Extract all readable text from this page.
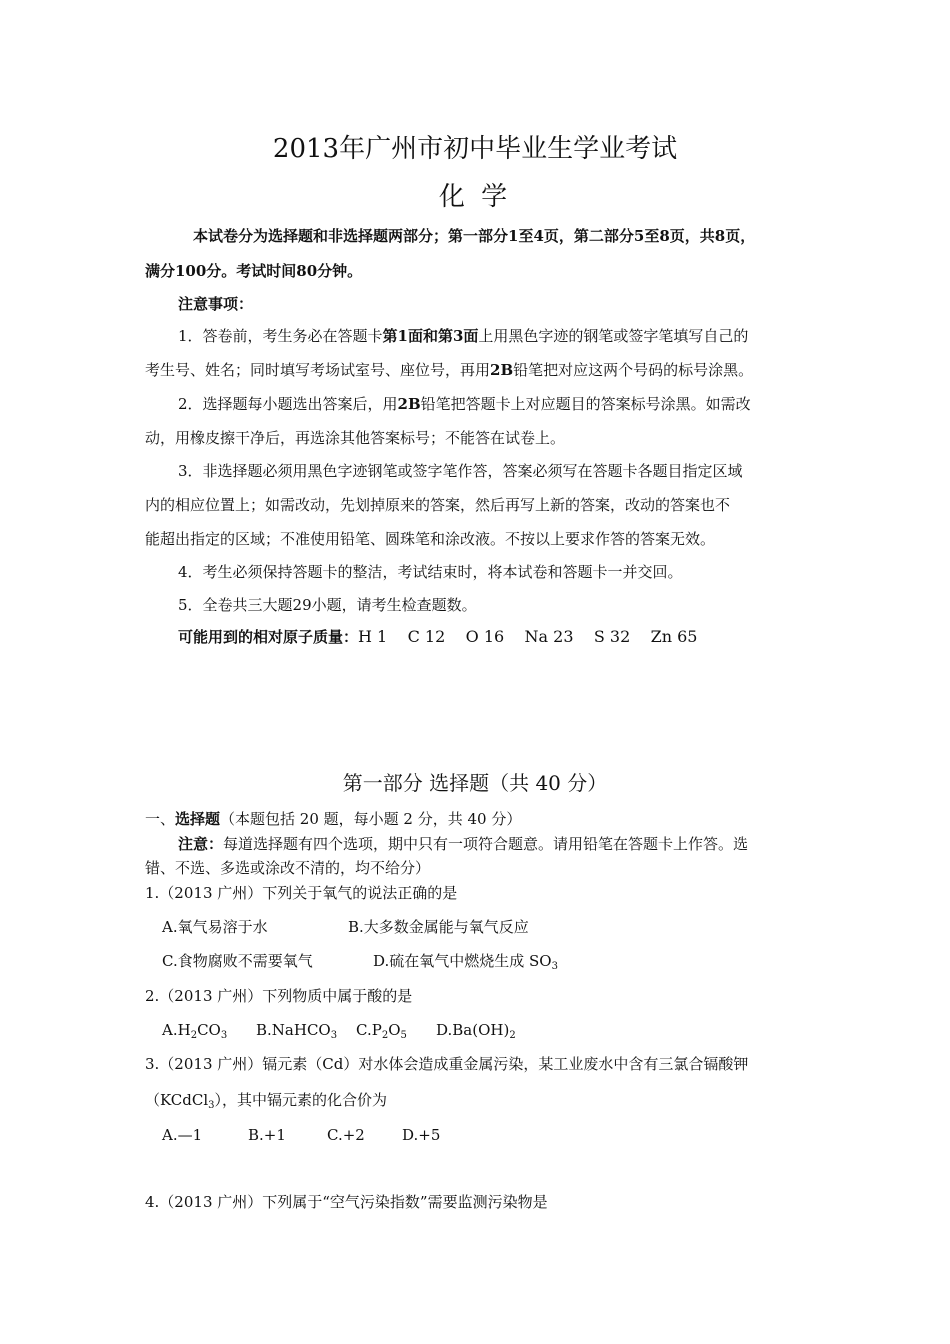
2013年广州市初中毕业生学业考试
化 学
本试卷分为选择题和非选择题两部分；第一部分1至4页，第二部分5至8页，共8页，
满分100分。考试时间80分钟。
注意事项：
1．答卷前，考生务必在答题卡第1面和第3面上用黑色字迹的钢笔或签字笔填写自己的
考生号、姓名；同时填写考场试室号、座位号，再用2B铅笔把对应这两个号码的标号涂黑。
2．选择题每小题选出答案后，用2B铅笔把答题卡上对应题目的答案标号涂黑。如需改
动，用橡皮擦干净后，再选涂其他答案标号；不能答在试卷上。
3．非选择题必须用黑色字迹钢笔或签字笔作答，答案必须写在答题卡各题目指定区域
内的相应位置上；如需改动，先划掉原来的答案，然后再写上新的答案，改动的答案也不
能超出指定的区域；不准使用铅笔、圆珠笔和涂改液。不按以上要求作答的答案无效。
4．考生必须保持答题卡的整洁，考试结束时，将本试卷和答题卡一并交回。
5．全卷共三大题29小题，请考生检查题数。
可能用到的相对原子质量：H 1    C 12    O 16    Na 23    S 32    Zn 65
第一部分 选择题（共 40 分）
一、选择题（本题包括 20 题，每小题 2 分，共 40 分）
注意：每道选择题有四个选项，期中只有一项符合题意。请用铅笔在答题卡上作答。选
错、不选、多选或涂改不清的，均不给分）
1.（2013 广州）下列关于氧气的说法正确的是
A.氧气易溶于水	B.大多数金属能与氧气反应
C.食物腐败不需要氧气	D.硫在氧气中燃烧生成 $SO_3$
2.（2013 广州）下列物质中属于酸的是
$A.H_2CO_3$ B.NaHCO$_3$ $C.P_2O_5$ $D.Ba(OH)_2$
3.（2013 广州）镉元素（Cd）对水体会造成重金属污染，某工业废水中含有三氯合镉酸钾
（KCdCl$_3$），其中镉元素的化合价为
A.—1	B.+1	C.+2 D.+5
4.（2013 广州）下列属于“空气污染指数”需要监测污染物是
